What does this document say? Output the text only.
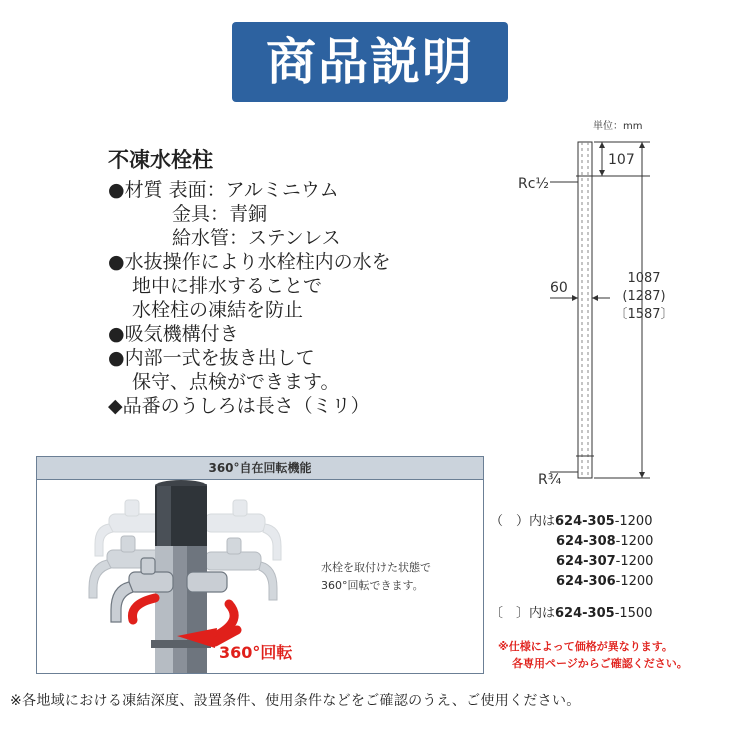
商品説明
不凍水栓柱
●材質 表面：アルミニウム
金具：青銅
給水管：ステンレス
●水抜操作により水栓柱内の水を
地中に排水することで
水栓柱の凍結を防止
●吸気機構付き
●内部一式を抜き出して
保守、点検ができます。
◆品番のうしろは長さ（ミリ）
360°自在回転機能
360°回転
水栓を取付けた状態で
360°回転できます。
単位：mm
107
Rc½
60
1087
(1287)
〔1587〕
R¾
（　）内は624-305-1200
624-308-1200
624-307-1200
624-306-1200
〔　〕内は624-305-1500
※仕様によって価格が異なります。
各専用ページからご確認ください。
※各地域における凍結深度、設置条件、使用条件などをご確認のうえ、ご使用ください。
